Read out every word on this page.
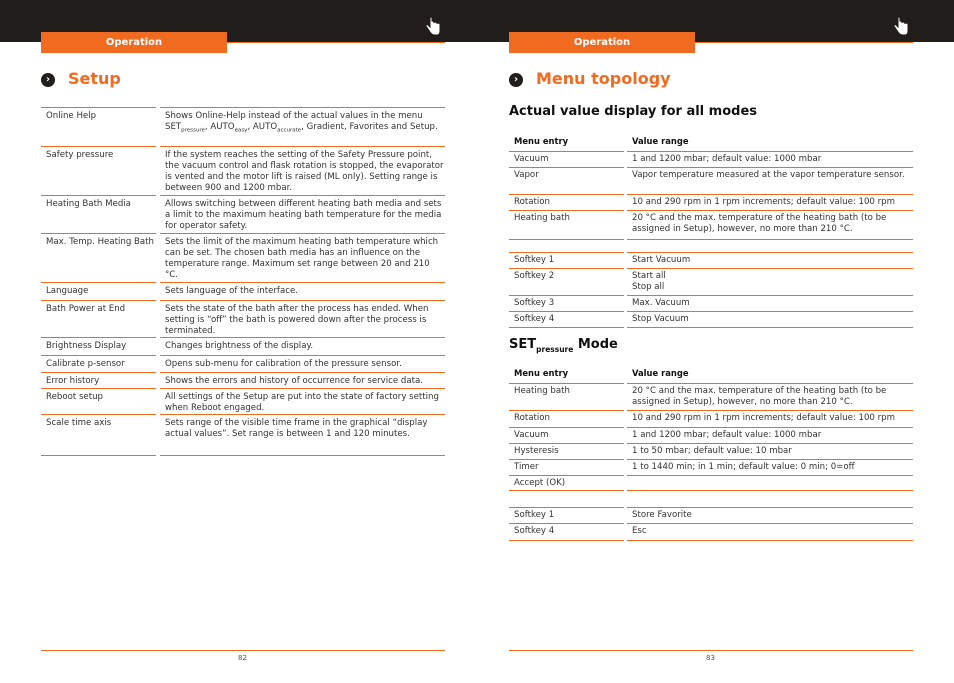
Operation	Operation
›	Setup
Online Help	Shows Online-Help instead of the actual values in the menu $SET_{pressure}$, $AUTO_{easy}$, $AUTO_{accurate}$, Gradient, Favorites and Setup.
Safety pressure	If the system reaches the setting of the Safety Pressure point, the vacuum control and flask rotation is stopped, the evaporator is vented and the motor lift is raised (ML only). Setting range is between 900 and 1200 mbar.
Heating Bath Media	Allows switching between different heating bath media and sets a limit to the maximum heating bath temperature for the media for operator safety.
Max. Temp. Heating Bath	Sets the limit of the maximum heating bath temperature which can be set. The chosen bath media has an influence on the temperature range. Maximum set range between 20 and 210 °C.
Language	Sets language of the interface.
Bath Power at End	Sets the state of the bath after the process has ended. When setting is “off” the bath is powered down after the process is terminated.
Brightness Display	Changes brightness of the display.
Calibrate p-sensor	Opens sub-menu for calibration of the pressure sensor.
Error history	Shows the errors and history of occurrence for service data.
Reboot setup	All settings of the Setup are put into the state of factory setting when Reboot engaged.
Scale time axis	Sets range of the visible time frame in the graphical “display actual values”. Set range is between 1 and 120 minutes.
82
›	Menu topology
Actual value display for all modes
Menu entry	Value range
Vacuum	1 and 1200 mbar; default value: 1000 mbar
Vapor	Vapor temperature measured at the vapor temperature sensor.
Rotation	10 and 290 rpm in 1 rpm increments; default value: 100 rpm
Heating bath	20 °C and the max. temperature of the heating bath (to be assigned in Setup), however, no more than 210 °C.
Softkey 1	Start Vacuum
Softkey 2	Start all
Stop all
Softkey 3	Max. Vacuum
Softkey 4	Stop Vacuum
$SET_{pressure}$ Mode
Menu entry	Value range
Heating bath	20 °C and the max. temperature of the heating bath (to be assigned in Setup), however, no more than 210 °C.
Rotation	10 and 290 rpm in 1 rpm increments; default value: 100 rpm
Vacuum	1 and 1200 mbar; default value: 1000 mbar
Hysteresis	1 to 50 mbar; default value: 10 mbar
Timer	1 to 1440 min; in 1 min; default value: 0 min; 0=off
Accept (OK)
Softkey 1	Store Favorite
Softkey 4	Esc
83
